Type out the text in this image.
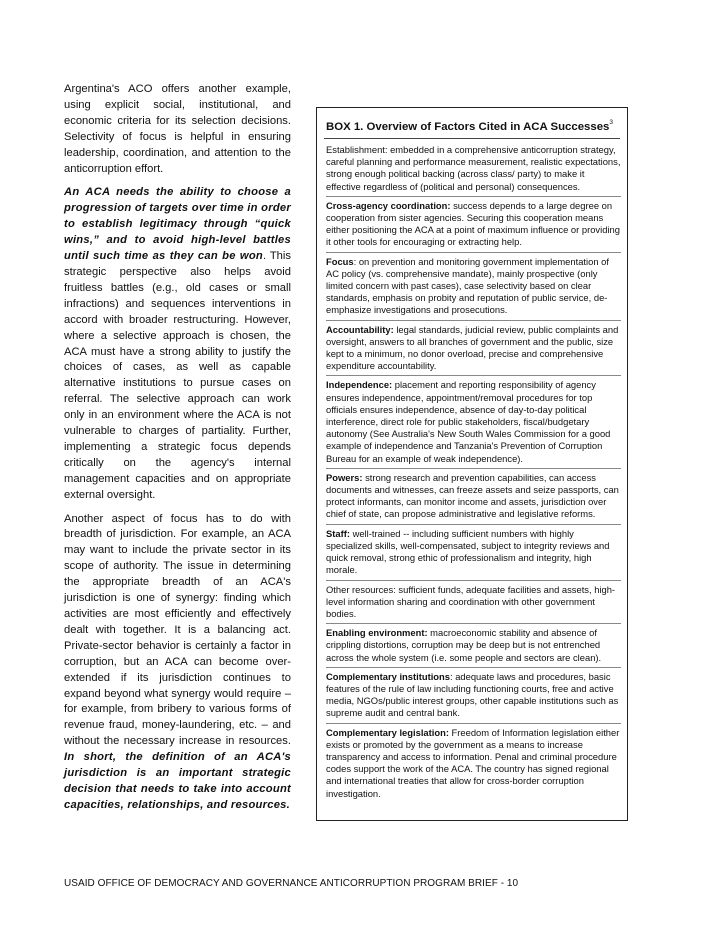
Argentina's ACO offers another example, using explicit social, institutional, and economic criteria for its selection decisions. Selectivity of focus is helpful in ensuring leadership, coordination, and attention to the anticorruption effort.

An ACA needs the ability to choose a progression of targets over time in order to establish legitimacy through “quick wins,” and to avoid high-level battles until such time as they can be won. This strategic perspective also helps avoid fruitless battles (e.g., old cases or small infractions) and sequences interventions in accord with broader restructuring. However, where a selective approach is chosen, the ACA must have a strong ability to justify the choices of cases, as well as capable alternative institutions to pursue cases on referral. The selective approach can work only in an environment where the ACA is not vulnerable to charges of partiality. Further, implementing a strategic focus depends critically on the agency's internal management capacities and on appropriate external oversight.

Another aspect of focus has to do with breadth of jurisdiction. For example, an ACA may want to include the private sector in its scope of authority. The issue in determining the appropriate breadth of an ACA's jurisdiction is one of synergy: finding which activities are most efficiently and effectively dealt with together. It is a balancing act. Private-sector behavior is certainly a factor in corruption, but an ACA can become over-extended if its jurisdiction continues to expand beyond what synergy would require – for example, from bribery to various forms of revenue fraud, money-laundering, etc. – and without the necessary increase in resources. In short, the definition of an ACA's jurisdiction is an important strategic decision that needs to take into account capacities, relationships, and resources.

BOX 1. Overview of Factors Cited in ACA Successes$^3$
Establishment: embedded in a comprehensive anticorruption strategy, careful planning and performance measurement, realistic expectations, strong enough political backing (across class/ party) to make it effective regardless of (political and personal) consequences.
Cross-agency coordination: success depends to a large degree on cooperation from sister agencies. Securing this cooperation means either positioning the ACA at a point of maximum influence or providing it other tools for encouraging or extracting help.
Focus: on prevention and monitoring government implementation of AC policy (vs. comprehensive mandate), mainly prospective (only limited concern with past cases), case selectivity based on clear standards, emphasis on probity and reputation of public service, de-emphasize investigations and prosecutions.
Accountability: legal standards, judicial review, public complaints and oversight, answers to all branches of government and the public, size kept to a minimum, no donor overload, precise and comprehensive expenditure accountability.
Independence: placement and reporting responsibility of agency ensures independence, appointment/removal procedures for top officials ensures independence, absence of day-to-day political interference, direct role for public stakeholders, fiscal/budgetary autonomy (See Australia's New South Wales Commission for a good example of independence and Tanzania's Prevention of Corruption Bureau for an example of weak independence).
Powers: strong research and prevention capabilities, can access documents and witnesses, can freeze assets and seize passports, can protect informants, can monitor income and assets, jurisdiction over chief of state, can propose administrative and legislative reforms.
Staff: well-trained -- including sufficient numbers with highly specialized skills, well-compensated, subject to integrity reviews and quick removal, strong ethic of professionalism and integrity, high morale.
Other resources: sufficient funds, adequate facilities and assets, high-level information sharing and coordination with other government bodies.
Enabling environment: macroeconomic stability and absence of crippling distortions, corruption may be deep but is not entrenched across the whole system (i.e. some people and sectors are clean).
Complementary institutions: adequate laws and procedures, basic features of the rule of law including functioning courts, free and active media, NGOs/public interest groups, other capable institutions such as supreme audit and central bank.
Complementary legislation: Freedom of Information legislation either exists or promoted by the government as a means to increase transparency and access to information. Penal and criminal procedure codes support the work of the ACA. The country has signed regional and international treaties that allow for cross-border corruption investigation.
USAID OFFICE OF DEMOCRACY AND GOVERNANCE ANTICORRUPTION PROGRAM BRIEF - 10
